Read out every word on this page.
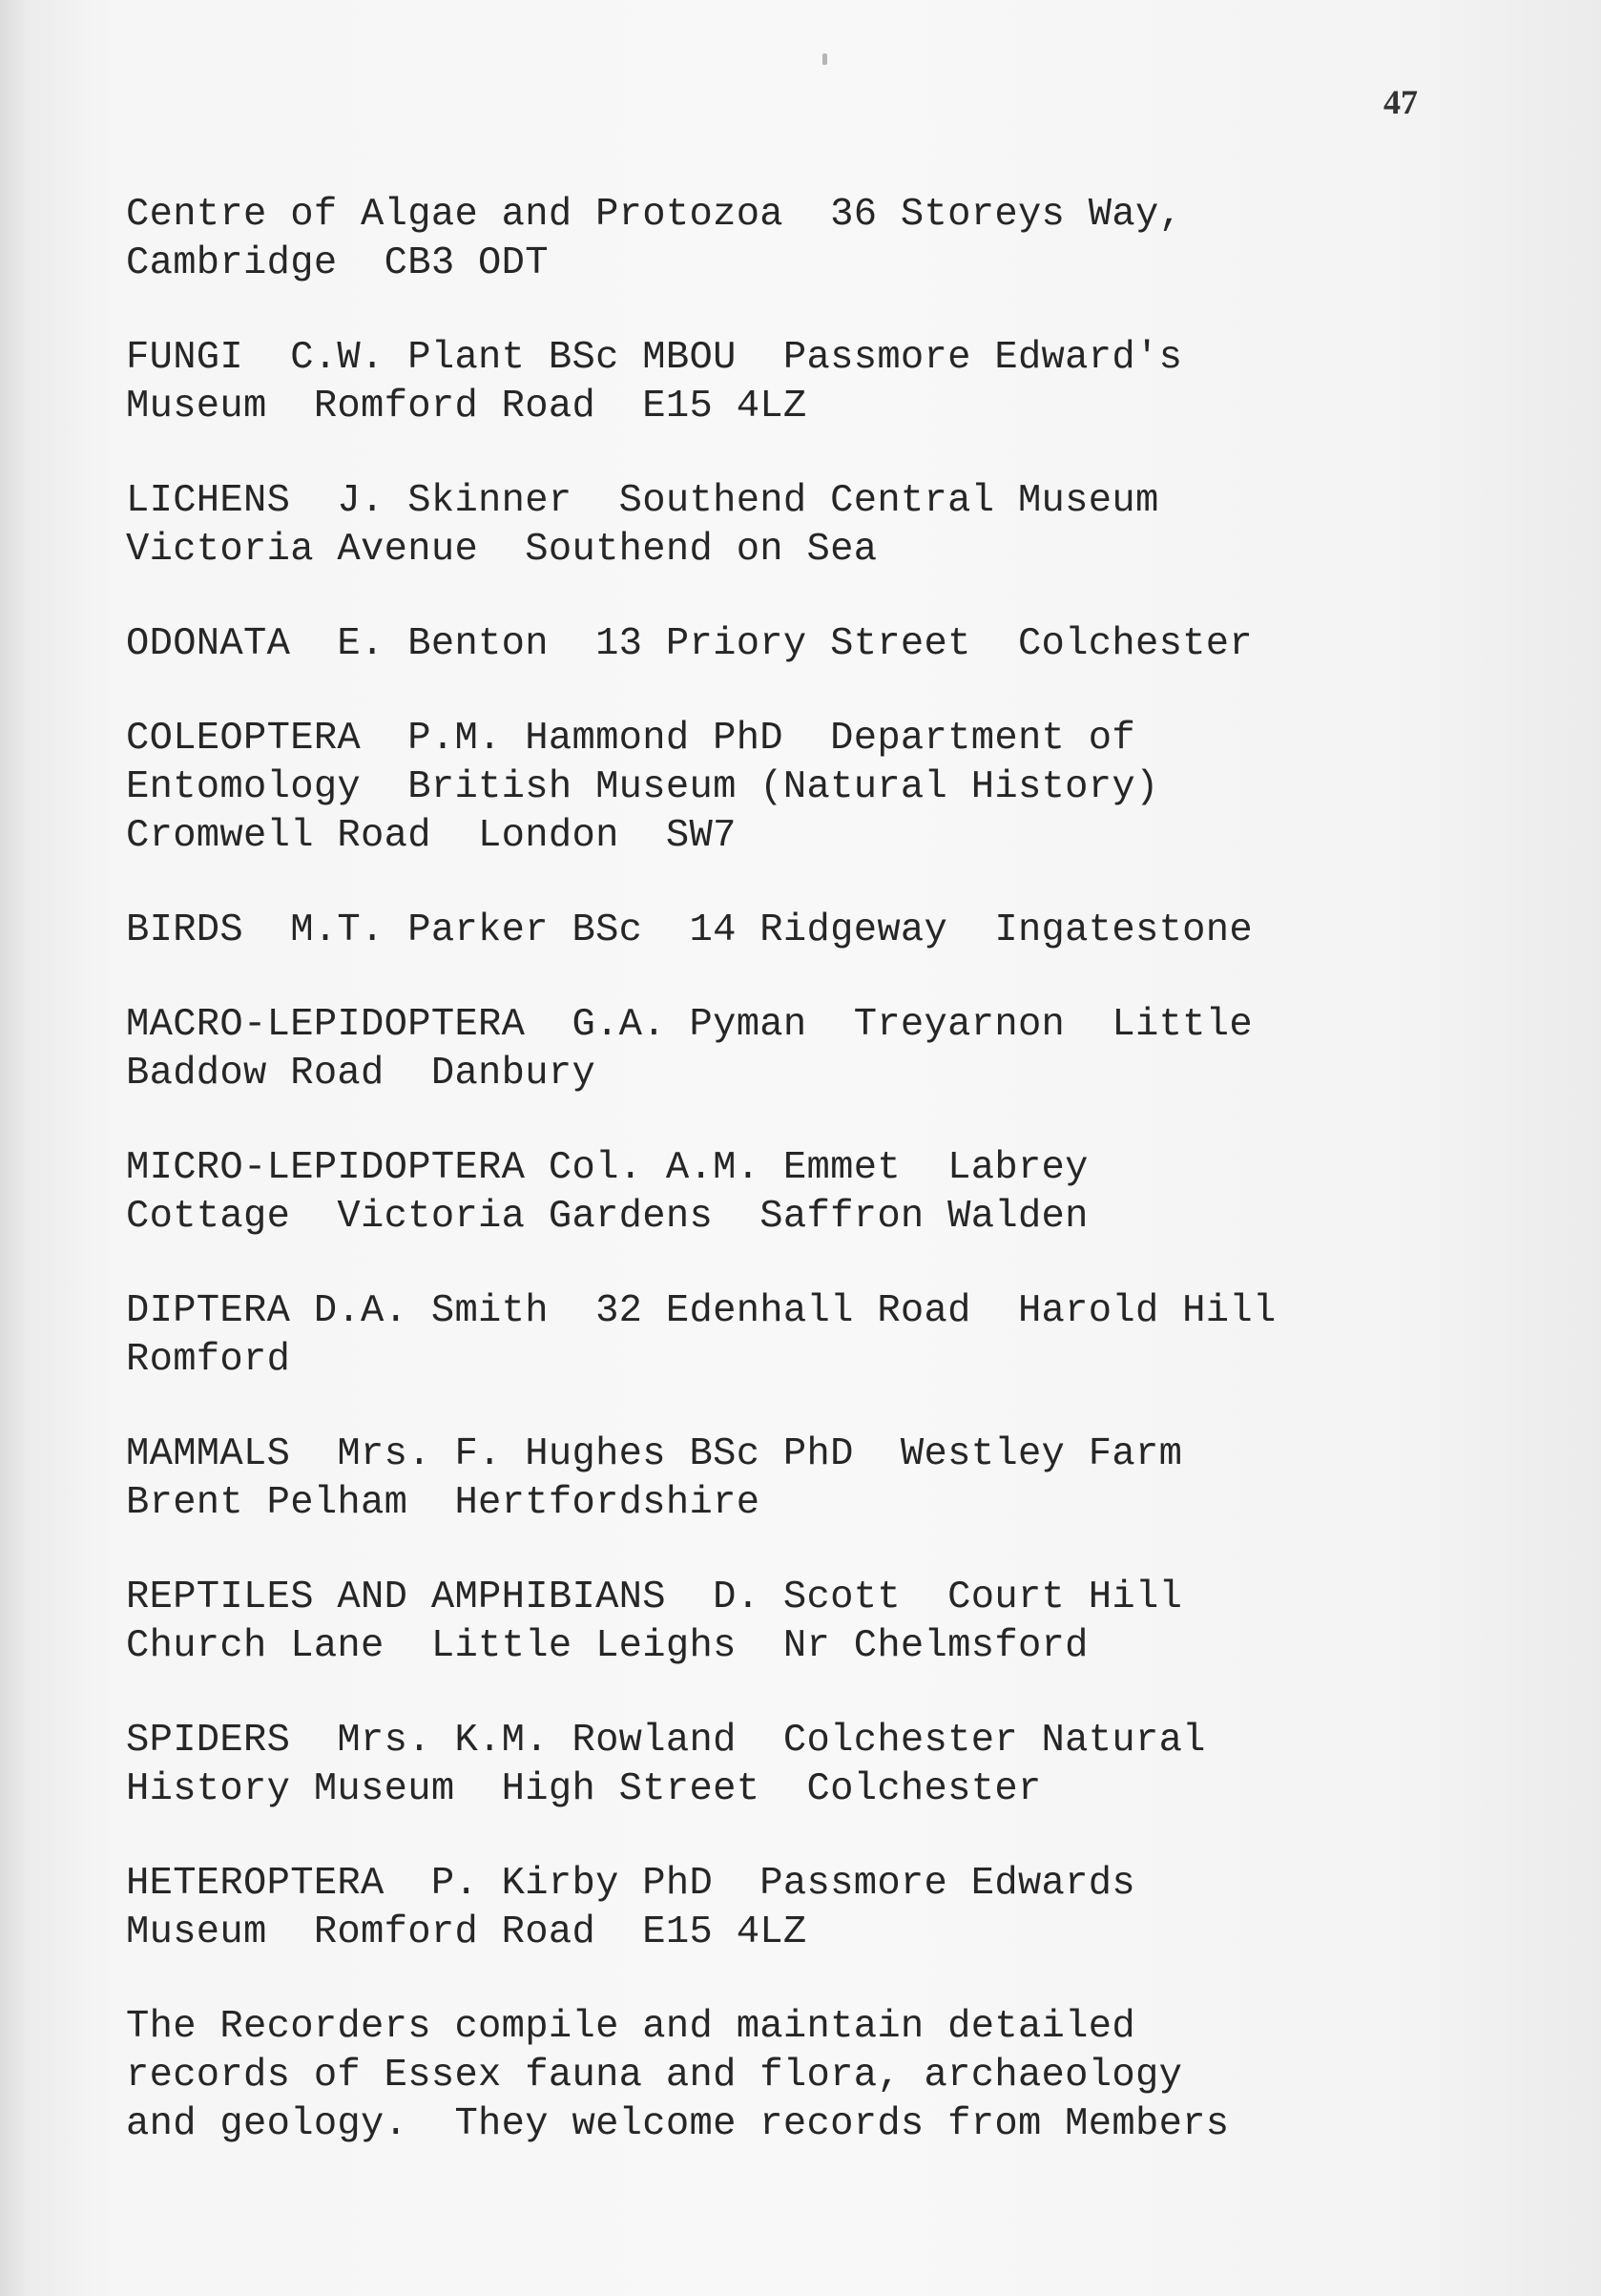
47
Centre of Algae and Protozoa  36 Storeys Way,
Cambridge  CB3 ODT
FUNGI  C.W. Plant BSc MBOU  Passmore Edward's
Museum  Romford Road  E15 4LZ
LICHENS  J. Skinner  Southend Central Museum
Victoria Avenue  Southend on Sea
ODONATA  E. Benton  13 Priory Street  Colchester
COLEOPTERA  P.M. Hammond PhD  Department of
Entomology  British Museum (Natural History)
Cromwell Road  London  SW7
BIRDS  M.T. Parker BSc  14 Ridgeway  Ingatestone
MACRO-LEPIDOPTERA  G.A. Pyman  Treyarnon  Little
Baddow Road  Danbury
MICRO-LEPIDOPTERA Col. A.M. Emmet  Labrey
Cottage  Victoria Gardens  Saffron Walden
DIPTERA D.A. Smith  32 Edenhall Road  Harold Hill
Romford
MAMMALS  Mrs. F. Hughes BSc PhD  Westley Farm
Brent Pelham  Hertfordshire
REPTILES AND AMPHIBIANS  D. Scott  Court Hill
Church Lane  Little Leighs  Nr Chelmsford
SPIDERS  Mrs. K.M. Rowland  Colchester Natural
History Museum  High Street  Colchester
HETEROPTERA  P. Kirby PhD  Passmore Edwards
Museum  Romford Road  E15 4LZ
The Recorders compile and maintain detailed
records of Essex fauna and flora, archaeology
and geology.  They welcome records from Members
